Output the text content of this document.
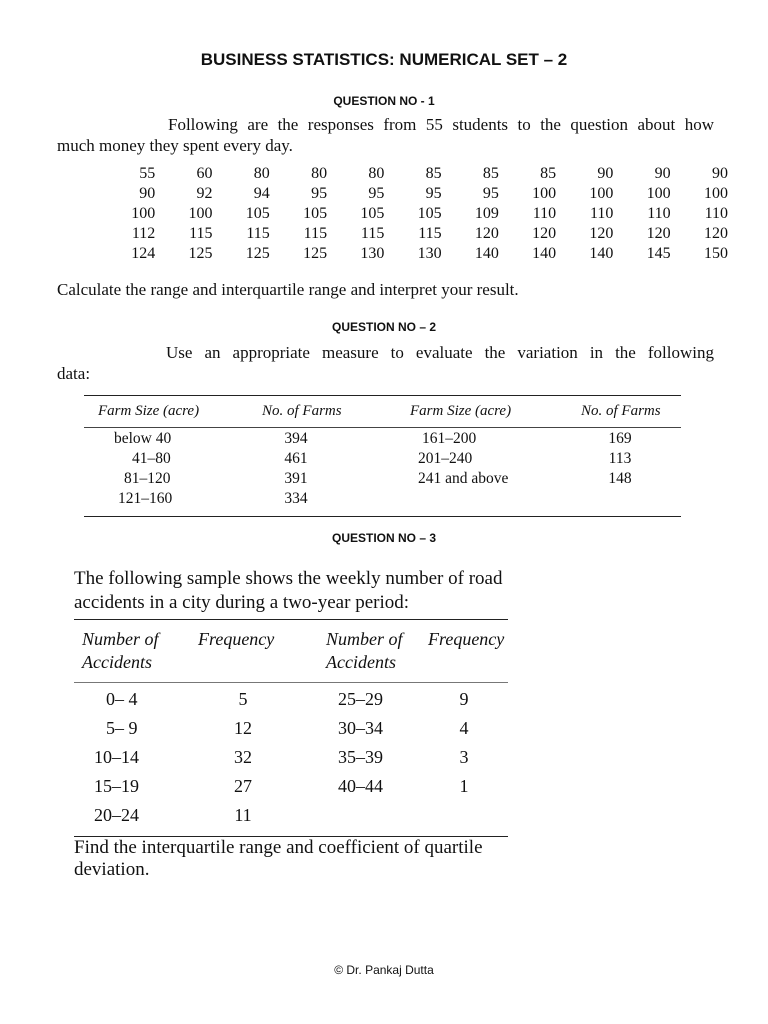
BUSINESS STATISTICS: NUMERICAL SET – 2
QUESTION NO - 1
Following are the responses from 55 students to the question about how
much money they spent every day.
55	60	80	80	80	85	85	85	90	90	90
90	92	94	95	95	95	95	100	100	100	100
100	100	105	105	105	105	109	110	110	110	110
112	115	115	115	115	115	120	120	120	120	120
124	125	125	125	130	130	140	140	140	145	150
Calculate the range and interquartile range and interpret your result.
QUESTION NO – 2
Use an appropriate measure to evaluate the variation in the following
data:
Farm Size (acre)	No. of Farms	Farm Size (acre)	No. of Farms
below 40	394	161–200	169
41–80	461	201–240	113
81–120	391	241 and above	148
121–160	334
QUESTION NO – 3
The following sample shows the weekly number of road
accidents in a city during a two-year period:
Number of
Accidents
Frequency	Number of
Accidents
Frequency
0– 4	5	25–29	9
5– 9	12	30–34	4
10–14	32	35–39	3
15–19	27	40–44	1
20–24	11
Find the interquartile range and coefficient of quartile
deviation.
© Dr. Pankaj Dutta
